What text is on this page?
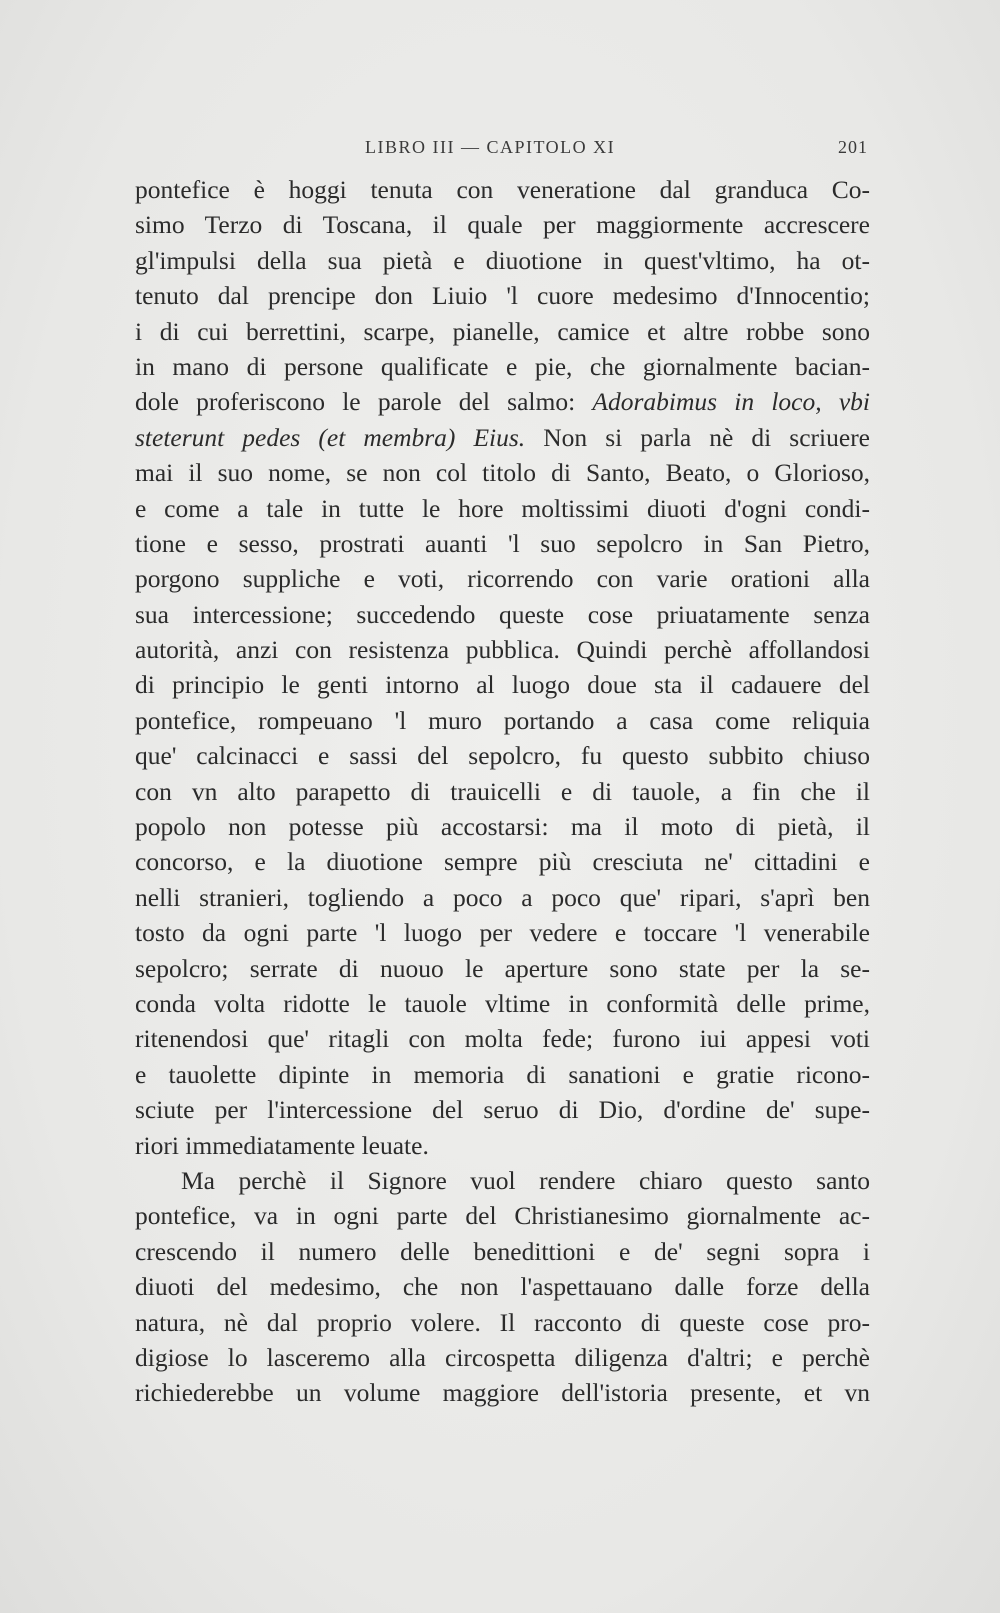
LIBRO III — CAPITOLO XI	201
pontefice è hoggi tenuta con veneratione dal granduca Co-
simo Terzo di Toscana, il quale per maggiormente accrescere
gl'impulsi della sua pietà e diuotione in quest'vltimo, ha ot-
tenuto dal prencipe don Liuio 'l cuore medesimo d'Innocentio;
i di cui berrettini, scarpe, pianelle, camice et altre robbe sono
in mano di persone qualificate e pie, che giornalmente bacian-
dole proferiscono le parole del salmo: Adorabimus in loco, vbi
steterunt pedes (et membra) Eius. Non si parla nè di scriuere
mai il suo nome, se non col titolo di Santo, Beato, o Glorioso,
e come a tale in tutte le hore moltissimi diuoti d'ogni condi-
tione e sesso, prostrati auanti 'l suo sepolcro in San Pietro,
porgono suppliche e voti, ricorrendo con varie orationi alla
sua intercessione; succedendo queste cose priuatamente senza
autorità, anzi con resistenza pubblica. Quindi perchè affollandosi
di principio le genti intorno al luogo doue sta il cadauere del
pontefice, rompeuano 'l muro portando a casa come reliquia
que' calcinacci e sassi del sepolcro, fu questo subbito chiuso
con vn alto parapetto di trauicelli e di tauole, a fin che il
popolo non potesse più accostarsi: ma il moto di pietà, il
concorso, e la diuotione sempre più cresciuta ne' cittadini e
nelli stranieri, togliendo a poco a poco que' ripari, s'aprì ben
tosto da ogni parte 'l luogo per vedere e toccare 'l venerabile
sepolcro; serrate di nuouo le aperture sono state per la se-
conda volta ridotte le tauole vltime in conformità delle prime,
ritenendosi que' ritagli con molta fede; furono iui appesi voti
e tauolette dipinte in memoria di sanationi e gratie ricono-
sciute per l'intercessione del seruo di Dio, d'ordine de' supe-
riori immediatamente leuate.
Ma perchè il Signore vuol rendere chiaro questo santo
pontefice, va in ogni parte del Christianesimo giornalmente ac-
crescendo il numero delle benedittioni e de' segni sopra i
diuoti del medesimo, che non l'aspettauano dalle forze della
natura, nè dal proprio volere. Il racconto di queste cose pro-
digiose lo lasceremo alla circospetta diligenza d'altri; e perchè
richiederebbe un volume maggiore dell'istoria presente, et vn
